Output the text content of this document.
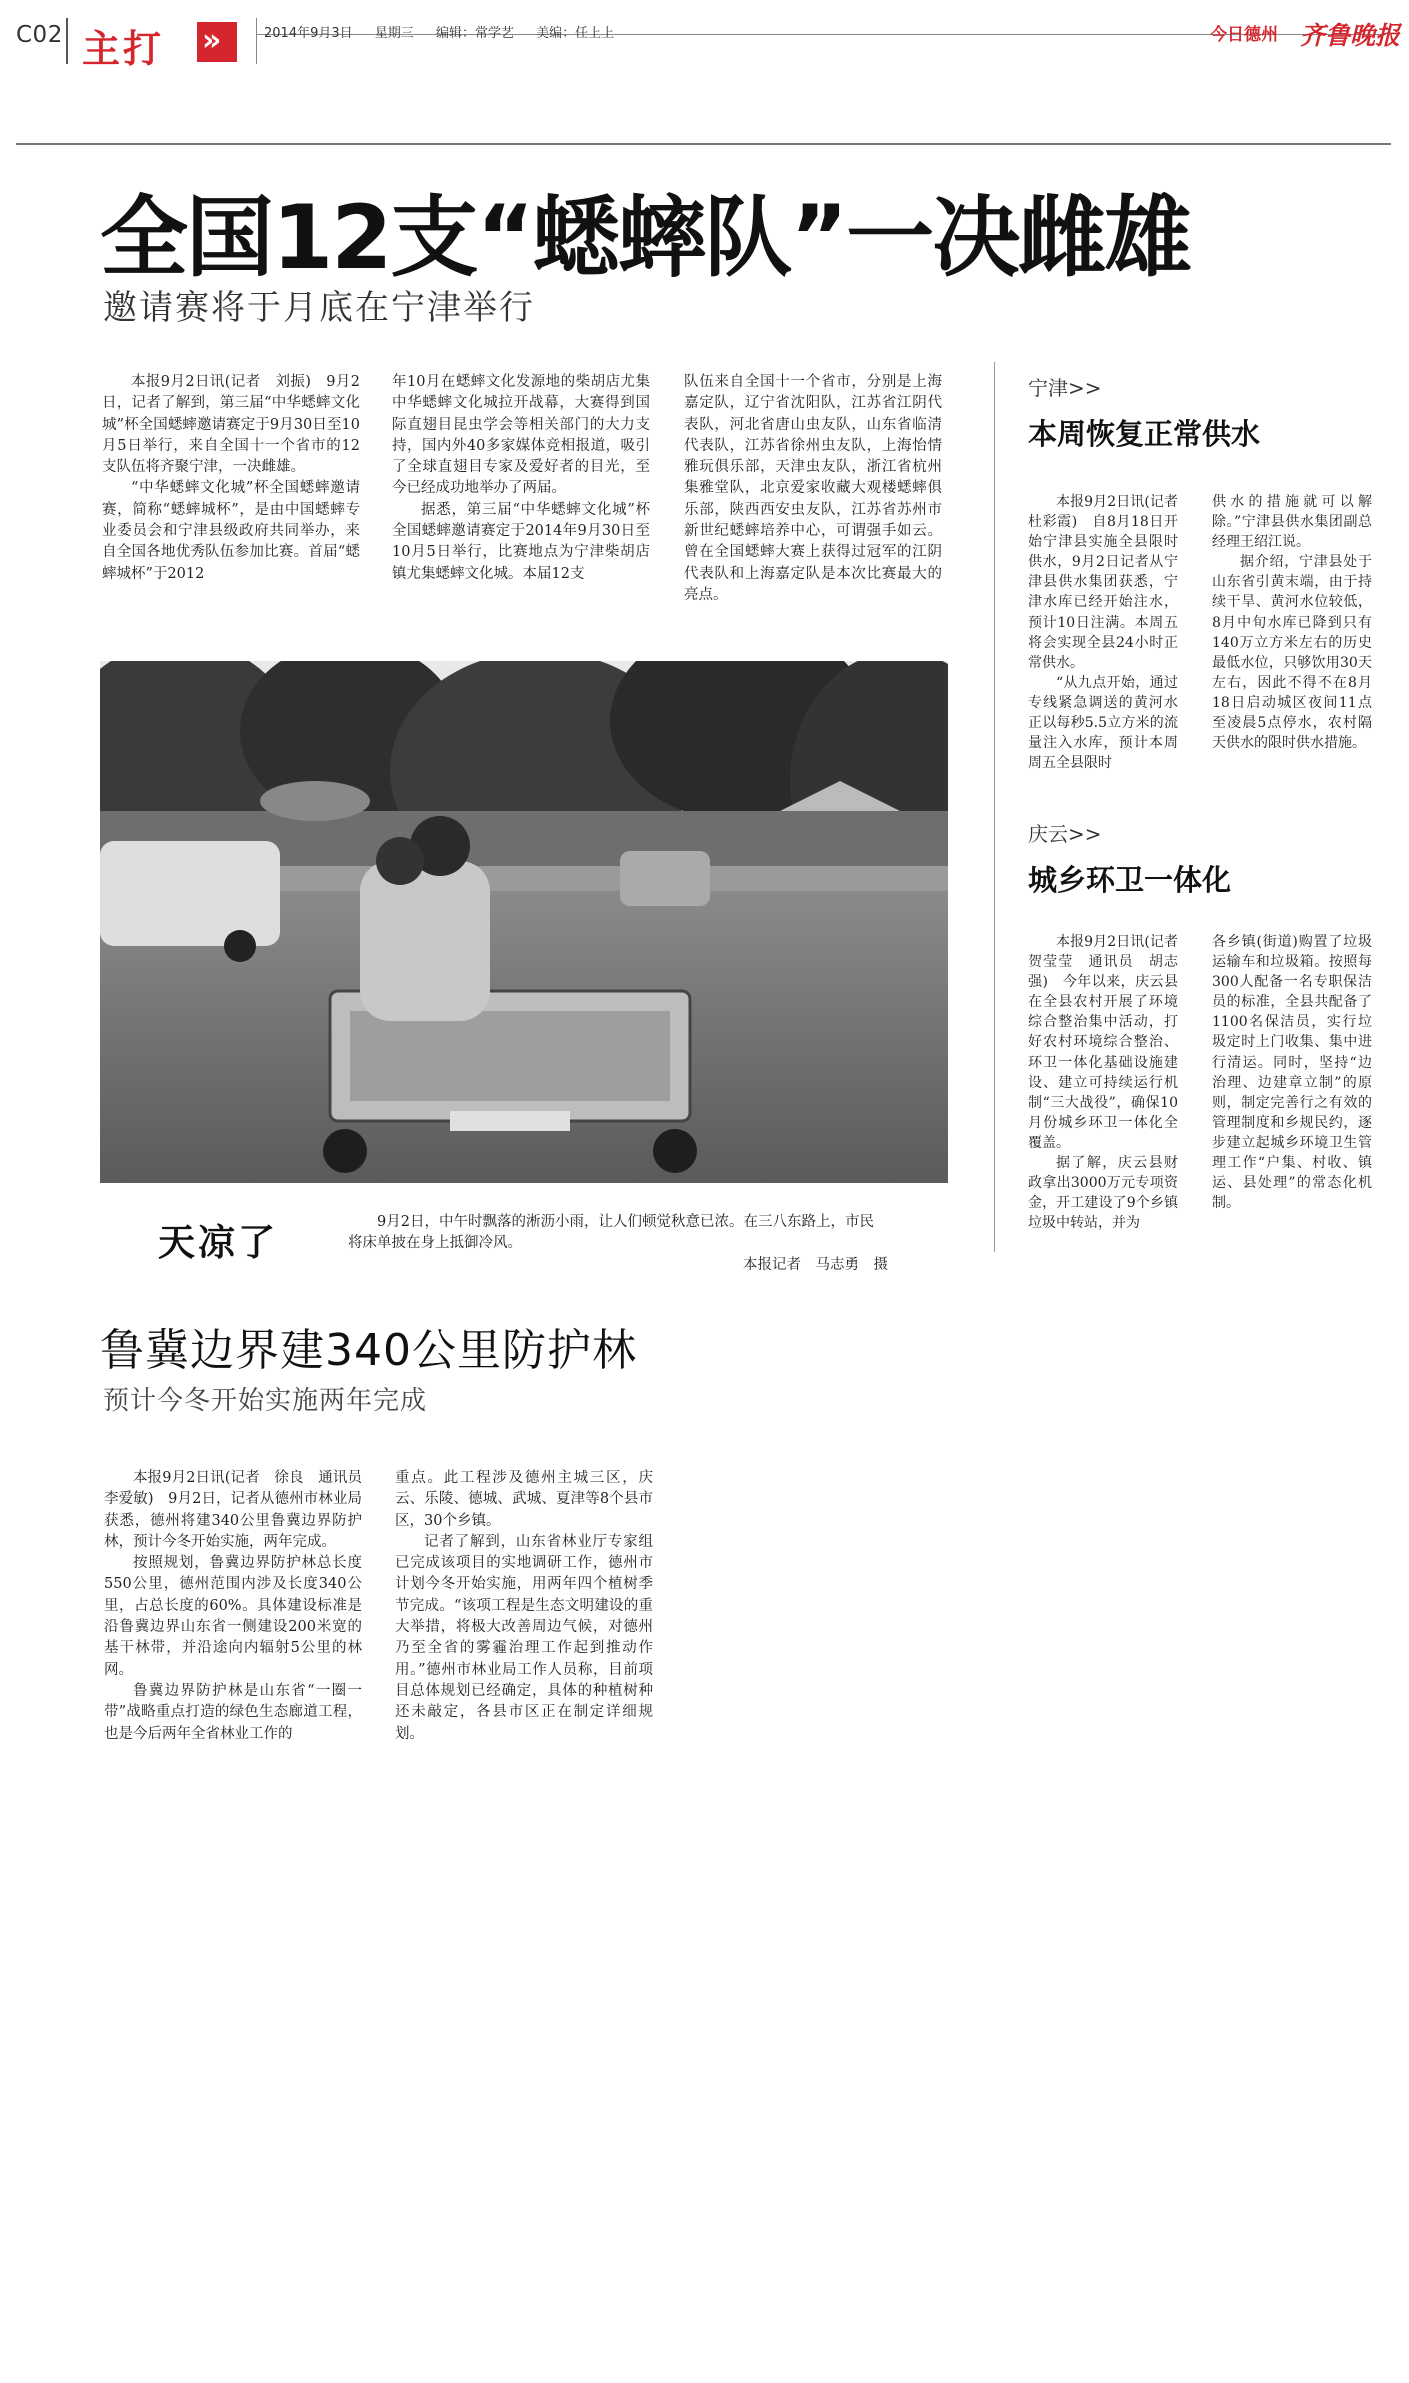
C02 主打 »	2014年9月3日 星期三 编辑：常学艺 美编：任上上	今日德州 齐鲁晚报
全国12支“蟋蟀队”一决雌雄
邀请赛将于月底在宁津举行

本报9月2日讯(记者　刘振)　9月2日，记者了解到，第三届“中华蟋蟀文化城”杯全国蟋蟀邀请赛定于9月30日至10月5日举行，来自全国十一个省市的12支队伍将齐聚宁津，一决雌雄。

“中华蟋蟀文化城”杯全国蟋蟀邀请赛，简称“蟋蟀城杯”，是由中国蟋蟀专业委员会和宁津县级政府共同举办，来自全国各地优秀队伍参加比赛。首届“蟋蟀城杯”于2012

年10月在蟋蟀文化发源地的柴胡店尤集中华蟋蟀文化城拉开战幕，大赛得到国际直翅目昆虫学会等相关部门的大力支持，国内外40多家媒体竞相报道，吸引了全球直翅目专家及爱好者的目光，至今已经成功地举办了两届。

据悉，第三届“中华蟋蟀文化城”杯全国蟋蟀邀请赛定于2014年9月30日至10月5日举行，比赛地点为宁津柴胡店镇尤集蟋蟀文化城。本届12支

队伍来自全国十一个省市，分别是上海嘉定队，辽宁省沈阳队，江苏省江阴代表队，河北省唐山虫友队，山东省临清代表队，江苏省徐州虫友队，上海怡情雅玩俱乐部，天津虫友队，浙江省杭州集雅堂队，北京爱家收藏大观楼蟋蟀俱乐部，陕西西安虫友队，江苏省苏州市新世纪蟋蟀培养中心，可谓强手如云。曾在全国蟋蟀大赛上获得过冠军的江阴代表队和上海嘉定队是本次比赛最大的亮点。

天凉了	9月2日，中午时飘落的淅沥小雨，让人们顿觉秋意已浓。在三八东路上，市民将床单披在身上抵御冷风。

本报记者　马志勇　摄
鲁冀边界建340公里防护林
预计今冬开始实施两年完成

本报9月2日讯(记者　徐良　通讯员　李爱敏)　9月2日，记者从德州市林业局获悉，德州将建340公里鲁冀边界防护林，预计今冬开始实施，两年完成。

按照规划，鲁冀边界防护林总长度550公里，德州范围内涉及长度340公里，占总长度的60%。具体建设标准是沿鲁冀边界山东省一侧建设200米宽的基干林带，并沿途向内辐射5公里的林网。

鲁冀边界防护林是山东省“一圈一带”战略重点打造的绿色生态廊道工程，也是今后两年全省林业工作的

重点。此工程涉及德州主城三区，庆云、乐陵、德城、武城、夏津等8个县市区，30个乡镇。

记者了解到，山东省林业厅专家组已完成该项目的实地调研工作，德州市计划今冬开始实施，用两年四个植树季节完成。“该项工程是生态文明建设的重大举措，将极大改善周边气候，对德州乃至全省的雾霾治理工作起到推动作用。”德州市林业局工作人员称，目前项目总体规划已经确定，具体的种植树种还未敲定，各县市区正在制定详细规划。

宁津>>
本周恢复正常供水

本报9月2日讯(记者　杜彩霞)　自8月18日开始宁津县实施全县限时供水，9月2日记者从宁津县供水集团获悉，宁津水库已经开始注水，预计10日注满。本周五将会实现全县24小时正常供水。

“从九点开始，通过专线紧急调送的黄河水正以每秒5.5立方米的流量注入水库，预计本周周五全县限时

供水的措施就可以解除。”宁津县供水集团副总经理王绍江说。

据介绍，宁津县处于山东省引黄末端，由于持续干旱、黄河水位较低，8月中旬水库已降到只有140万立方米左右的历史最低水位，只够饮用30天左右，因此不得不在8月18日启动城区夜间11点至凌晨5点停水，农村隔天供水的限时供水措施。

庆云>>
城乡环卫一体化

本报9月2日讯(记者　贺莹莹　通讯员　胡志强)　今年以来，庆云县在全县农村开展了环境综合整治集中活动，打好农村环境综合整治、环卫一体化基础设施建设、建立可持续运行机制“三大战役”，确保10月份城乡环卫一体化全覆盖。

据了解，庆云县财政拿出3000万元专项资金，开工建设了9个乡镇垃圾中转站，并为

各乡镇(街道)购置了垃圾运输车和垃圾箱。按照每300人配备一名专职保洁员的标准，全县共配备了1100名保洁员，实行垃圾定时上门收集、集中进行清运。同时，坚持“边治理、边建章立制”的原则，制定完善行之有效的管理制度和乡规民约，逐步建立起城乡环境卫生管理工作“户集、村收、镇运、县处理”的常态化机制。
